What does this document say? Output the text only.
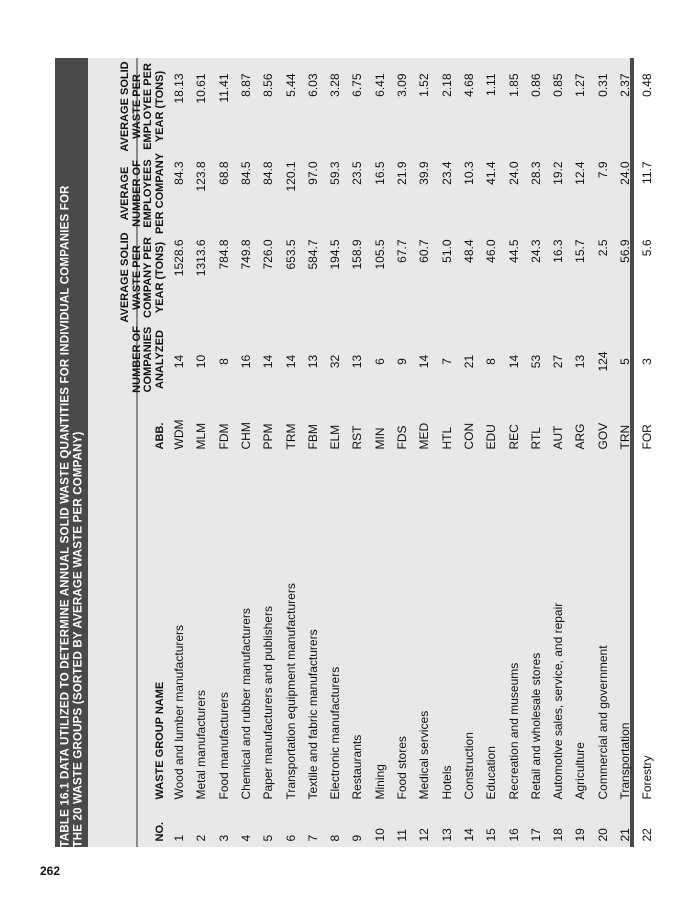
262
TABLE 16.1 DATA UTILIZED TO DETERMINE ANNUAL SOLID WASTE QUANTITIES FOR INDIVIDUAL COMPANIES FOR
THE 20 WASTE GROUPS (SORTED BY AVERAGE WASTE PER COMPANY)
NO.
WASTE GROUP NAME
ABB.
NUMBER OF
COMPANIES
ANALYZED
AVERAGE SOLID
WASTE PER
COMPANY PER
YEAR (TONS)
AVERAGE
NUMBER OF
EMPLOYEES
PER COMPANY
AVERAGE SOLID
WASTE PER
EMPLOYEE PER
YEAR (TONS)
1
Wood and lumber manufacturers
WDM
14
1528.6
84.3
18.13
2
Metal manufacturers
MLM
10
1313.6
123.8
10.61
3
Food manufacturers
FDM
8
784.8
68.8
11.41
4
Chemical and rubber manufacturers
CHM
16
749.8
84.5
8.87
5
Paper manufacturers and publishers
PPM
14
726.0
84.8
8.56
6
Transportation equipment manufacturers
TRM
14
653.5
120.1
5.44
7
Textile and fabric manufacturers
FBM
13
584.7
97.0
6.03
8
Electronic manufacturers
ELM
32
194.5
59.3
3.28
9
Restaurants
RST
13
158.9
23.5
6.75
10
Mining
MIN
6
105.5
16.5
6.41
11
Food stores
FDS
9
67.7
21.9
3.09
12
Medical services
MED
14
60.7
39.9
1.52
13
Hotels
HTL
7
51.0
23.4
2.18
14
Construction
CON
21
48.4
10.3
4.68
15
Education
EDU
8
46.0
41.4
1.11
16
Recreation and museums
REC
14
44.5
24.0
1.85
17
Retail and wholesale stores
RTL
53
24.3
28.3
0.86
18
Automotive sales, service, and repair
AUT
27
16.3
19.2
0.85
19
Agriculture
ARG
13
15.7
12.4
1.27
20
Commercial and government
GOV
124
2.5
7.9
0.31
21
Transportation
TRN
5
56.9
24.0
2.37
22
Forestry
FOR
3
5.6
11.7
0.48
